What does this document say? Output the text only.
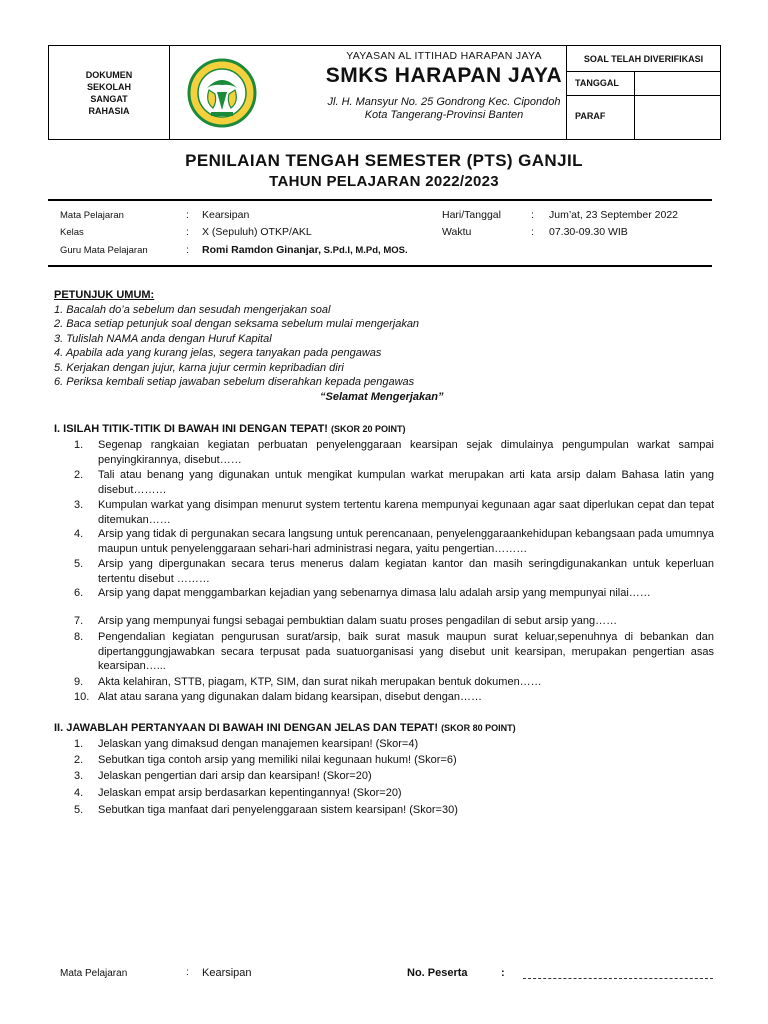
DOKUMEN SEKOLAH SANGAT RAHASIA
YAYASAN AL ITTIHAD HARAPAN JAYA
SMKS HARAPAN JAYA
Jl. H. Mansyur No. 25 Gondrong Kec. Cipondoh
Kota Tangerang-Provinsi Banten
SOAL TELAH DIVERIFIKASI
TANGGAL
PARAF
PENILAIAN TENGAH SEMESTER (PTS) GANJIL
TAHUN PELAJARAN 2022/2023
Mata Pelajaran	: Kearsipan
Kelas	: X (Sepuluh) OTKP/AKL
Guru Mata Pelajaran	: Romi Ramdon Ginanjar, S.Pd.I, M.Pd, MOS.
Hari/Tanggal	: Jum’at, 23 September 2022
Waktu	: 07.30-09.30 WIB
PETUNJUK UMUM:
1. Bacalah do’a sebelum dan sesudah mengerjakan soal
2. Baca setiap petunjuk soal dengan seksama sebelum mulai mengerjakan
3. Tulislah NAMA anda dengan Huruf Kapital
4. Apabila ada yang kurang jelas, segera tanyakan pada pengawas
5. Kerjakan dengan jujur, karna jujur cermin kepribadian diri
6. Periksa kembali setiap jawaban sebelum diserahkan kepada pengawas
“Selamat Mengerjakan”
I. ISILAH TITIK-TITIK DI BAWAH INI DENGAN TEPAT! (SKOR 20 POINT)
1.	Segenap rangkaian kegiatan perbuatan penyelenggaraan kearsipan sejak dimulainya pengumpulan warkat sampai penyingkirannya, disebut……
2.	Tali atau benang yang digunakan untuk mengikat kumpulan warkat merupakan arti kata arsip dalam Bahasa latin yang disebut………
3.	Kumpulan warkat yang disimpan menurut system tertentu karena mempunyai kegunaan agar saat diperlukan cepat dan tepat ditemukan……
4.	Arsip yang tidak di pergunakan secara langsung untuk perencanaan, penyelenggaraankehidupan kebangsaan pada umumnya maupun untuk penyelenggaraan sehari-hari administrasi negara, yaitu pengertian………
5.	Arsip yang dipergunakan secara terus menerus dalam kegiatan kantor dan masih seringdigunakankan untuk keperluan tertentu disebut ………
6.	Arsip yang dapat menggambarkan kejadian yang sebenarnya dimasa lalu adalah arsip yang mempunyai nilai……
7.	Arsip yang mempunyai fungsi sebagai pembuktian dalam suatu proses pengadilan di sebut arsip yang……
8.	Pengendalian kegiatan pengurusan surat/arsip, baik surat masuk maupun surat keluar,sepenuhnya di bebankan dan dipertanggungjawabkan secara terpusat pada suatuorganisasi yang disebut unit kearsipan, merupakan pengertian asas kearsipan…...
9.	Akta kelahiran, STTB, piagam, KTP, SIM, dan surat nikah merupakan bentuk dokumen……
10. Alat atau sarana yang digunakan dalam bidang kearsipan, disebut dengan……
II. JAWABLAH PERTANYAAN DI BAWAH INI DENGAN JELAS DAN TEPAT! (SKOR 80 POINT)
1.	Jelaskan yang dimaksud dengan manajemen kearsipan! (Skor=4)
2.	Sebutkan tiga contoh arsip yang memiliki nilai kegunaan hukum! (Skor=6)
3.	Jelaskan pengertian dari arsip dan kearsipan! (Skor=20)
4.	Jelaskan empat arsip berdasarkan kepentingannya! (Skor=20)
5.	Sebutkan tiga manfaat dari penyelenggaraan sistem kearsipan! (Skor=30)
Mata Pelajaran	: Kearsipan	No. Peserta	:
